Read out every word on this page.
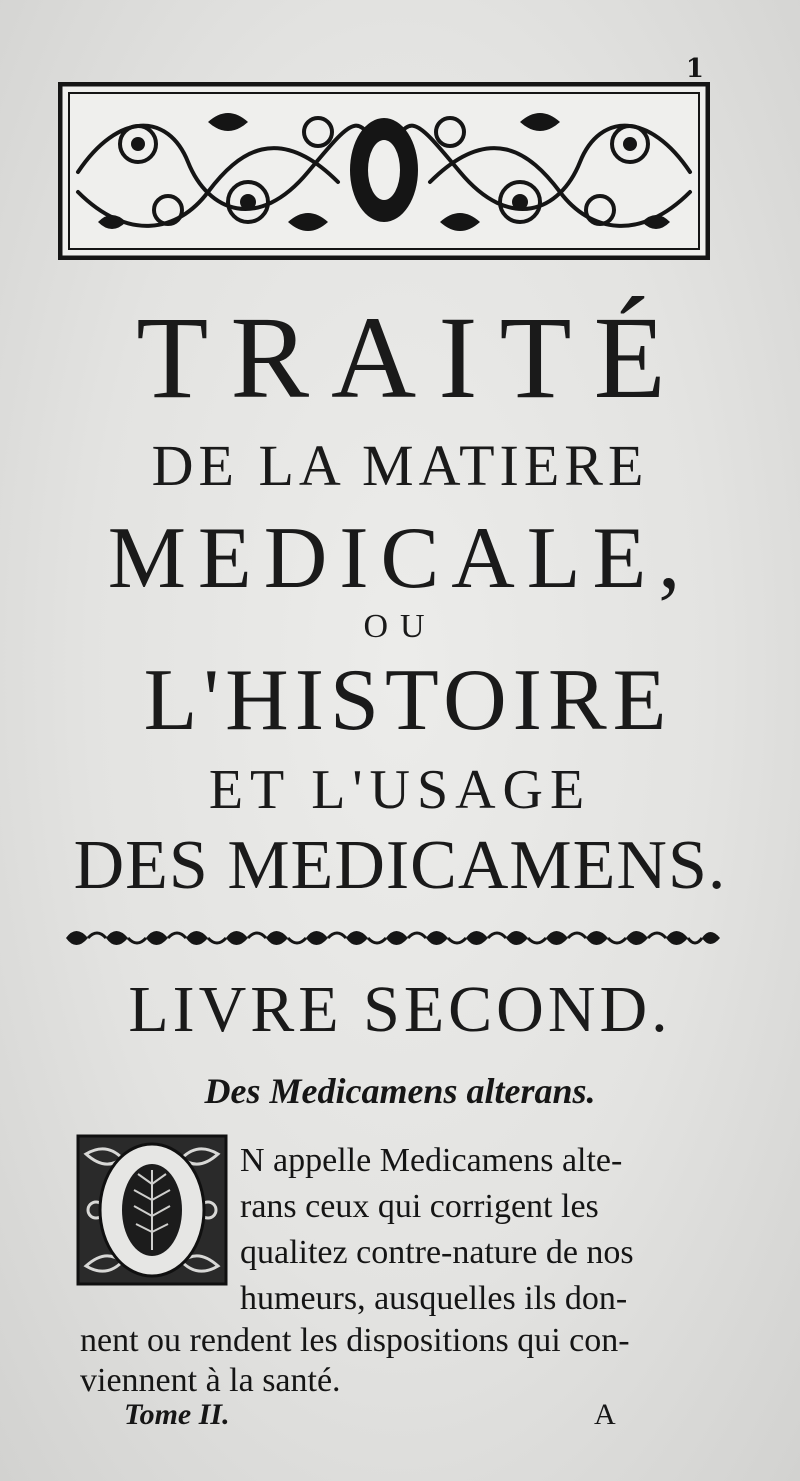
1
TRAITÉ
DE LA MATIERE
MEDICALE,
OU
L'HISTOIRE
ET L'USAGE
DES MEDICAMENS.
LIVRE SECOND.
Des Medicamens alterans.
N appelle Medicamens alte-
rans ceux qui corrigent les
qualitez contre-nature de nos
humeurs, ausquelles ils don-
nent ou rendent les dispositions qui con-
viennent à la santé.
Tome II.	A
